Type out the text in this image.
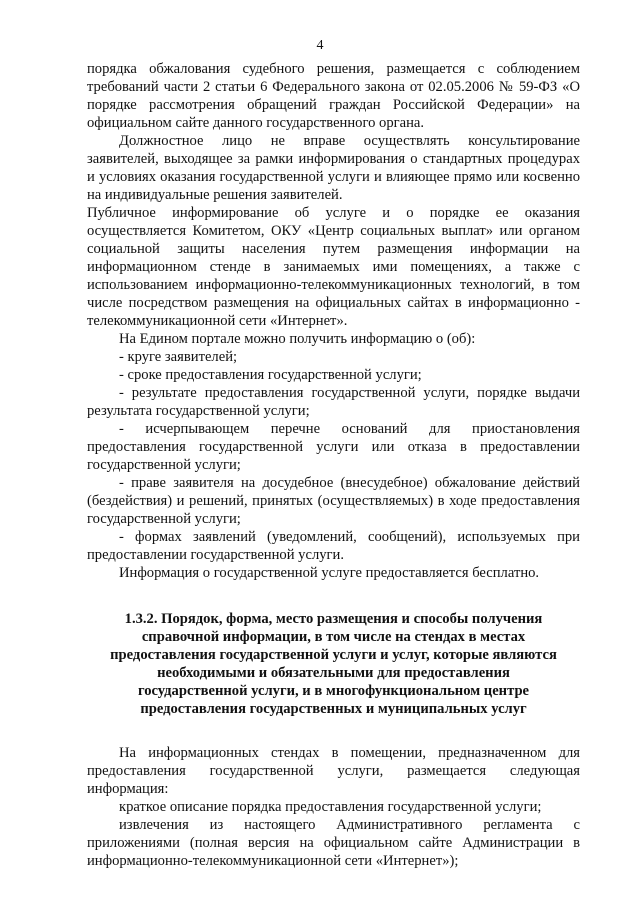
4

порядка обжалования судебного решения, размещается с соблюдением требований части 2 статьи 6 Федерального закона от 02.05.2006 № 59-ФЗ «О порядке рассмотрения обращений граждан Российской Федерации» на официальном сайте данного государственного органа.

Должностное лицо не вправе осуществлять консультирование заявителей, выходящее за рамки информирования о стандартных процедурах и условиях оказания государственной услуги и влияющее прямо или косвенно на индивидуальные решения заявителей.

Публичное информирование об услуге и о порядке ее оказания осуществляется Комитетом, ОКУ «Центр социальных выплат» или органом социальной защиты населения путем размещения информации на информационном стенде в занимаемых ими помещениях, а также с использованием информационно-телекоммуникационных технологий, в том числе посредством размещения на официальных сайтах в информационно - телекоммуникационной сети «Интернет».

На Едином портале можно получить информацию о (об):

- круге заявителей;

- сроке предоставления государственной услуги;

- результате предоставления государственной услуги, порядке выдачи результата государственной услуги;

- исчерпывающем перечне оснований для приостановления предоставления государственной услуги или отказа в предоставлении государственной услуги;

- праве заявителя на досудебное (внесудебное) обжалование действий (бездействия) и решений, принятых (осуществляемых) в ходе предоставления государственной услуги;

- формах заявлений (уведомлений, сообщений), используемых при предоставлении государственной услуги.

Информация о государственной услуге предоставляется бесплатно.

1.3.2. Порядок, форма, место размещения и способы получения
справочной информации, в том числе на стендах в местах
предоставления государственной услуги и услуг, которые являются
необходимыми и обязательными для предоставления
государственной услуги, и в многофункциональном центре
предоставления государственных и муниципальных услуг

На информационных стендах в помещении, предназначенном для предоставления государственной услуги, размещается следующая информация:

краткое описание порядка предоставления государственной услуги;

извлечения из настоящего Административного регламента с приложениями (полная версия на официальном сайте Администрации в информационно-телекоммуникационной сети «Интернет»);
